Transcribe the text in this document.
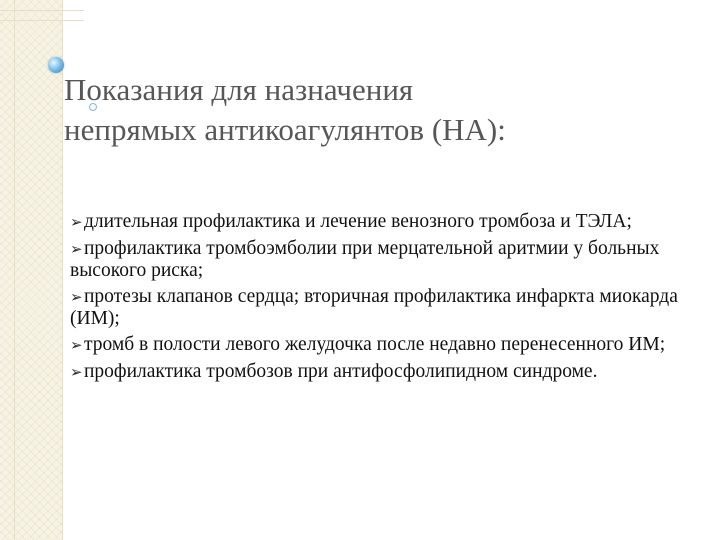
Показания для назначения
непрямых антикоагулянтов (НА):
➢длительная профилактика и лечение венозного тромбоза и ТЭЛА;
➢профилактика тромбоэмболии при мерцательной аритмии у больных высокого риска;
➢протезы клапанов сердца; вторичная профилактика инфаркта миокарда (ИМ);
➢тромб в полости левого желудочка после недавно перенесенного ИМ;
➢профилактика тромбозов при антифосфолипидном синдроме.
